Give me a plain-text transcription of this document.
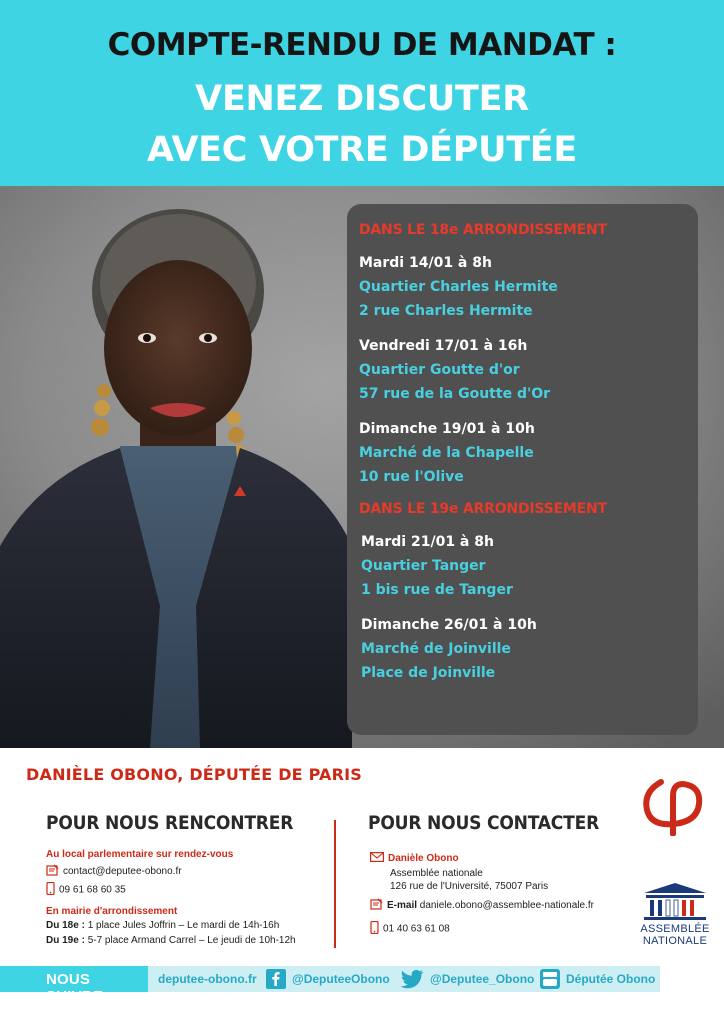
COMPTE-RENDU DE MANDAT :
VENEZ DISCUTER
AVEC VOTRE DÉPUTÉE
DANS LE 18e ARRONDISSEMENT
Mardi 14/01 à 8h
Quartier Charles Hermite
2 rue Charles Hermite
Vendredi 17/01 à 16h
Quartier Goutte d'or
57 rue de la Goutte d'Or
Dimanche 19/01 à 10h
Marché de la Chapelle
10 rue l'Olive
DANS LE 19e ARRONDISSEMENT
Mardi 21/01 à 8h
Quartier Tanger
1 bis rue de Tanger
Dimanche 26/01 à 10h
Marché de Joinville
Place de Joinville
DANIÈLE OBONO, DÉPUTÉE DE PARIS
POUR NOUS RENCONTRER
Au local parlementaire sur rendez-vous
contact@deputee-obono.fr
09 61 68 60 35
En mairie d'arrondissement
Du 18e : 1 place Jules Joffrin – Le mardi de 14h-16h
Du 19e : 5-7 place Armand Carrel – Le jeudi de 10h-12h
POUR NOUS CONTACTER
Danièle Obono
Assemblée nationale
126 rue de l'Université, 75007 Paris
E-mail daniele.obono@assemblee-nationale.fr
01 40 63 61 08	ASSEMBLÉE
NATIONALE
NOUS SUIVRE
deputee-obono.fr	@DeputeeObono	@Deputee_Obono	Députée Obono
